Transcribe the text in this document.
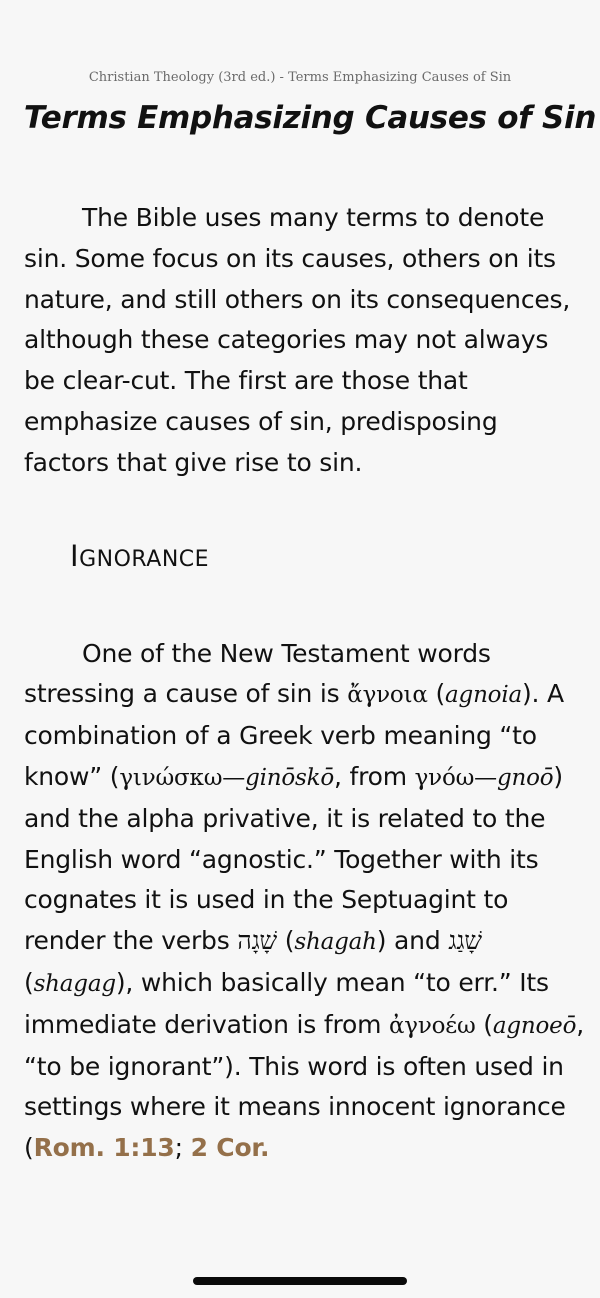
Christian Theology (3rd ed.) - Terms Emphasizing Causes of Sin
Terms Emphasizing Causes of Sin

The Bible uses many terms to denote sin. Some focus on its causes, others on its nature, and still others on its consequences, although these categories may not always be clear-cut. The first are those that emphasize causes of sin, predisposing factors that give rise to sin.

IGNORANCE

One of the New Testament words stressing a cause of sin is ἄγνοια (agnoia). A combination of a Greek verb meaning “to know” (γινώσκω—ginōskō, from γνόω—gnoō) and the alpha privative, it is related to the English word “agnostic.” Together with its cognates it is used in the Septuagint to render the verbs שָׁגָה (shagah) and שָׁגַג (shagag), which basically mean “to err.” Its immediate derivation is from ἀγνοέω (agnoeō, “to be ignorant”). This word is often used in settings where it means innocent ignorance (Rom. 1:13; 2 Cor.
